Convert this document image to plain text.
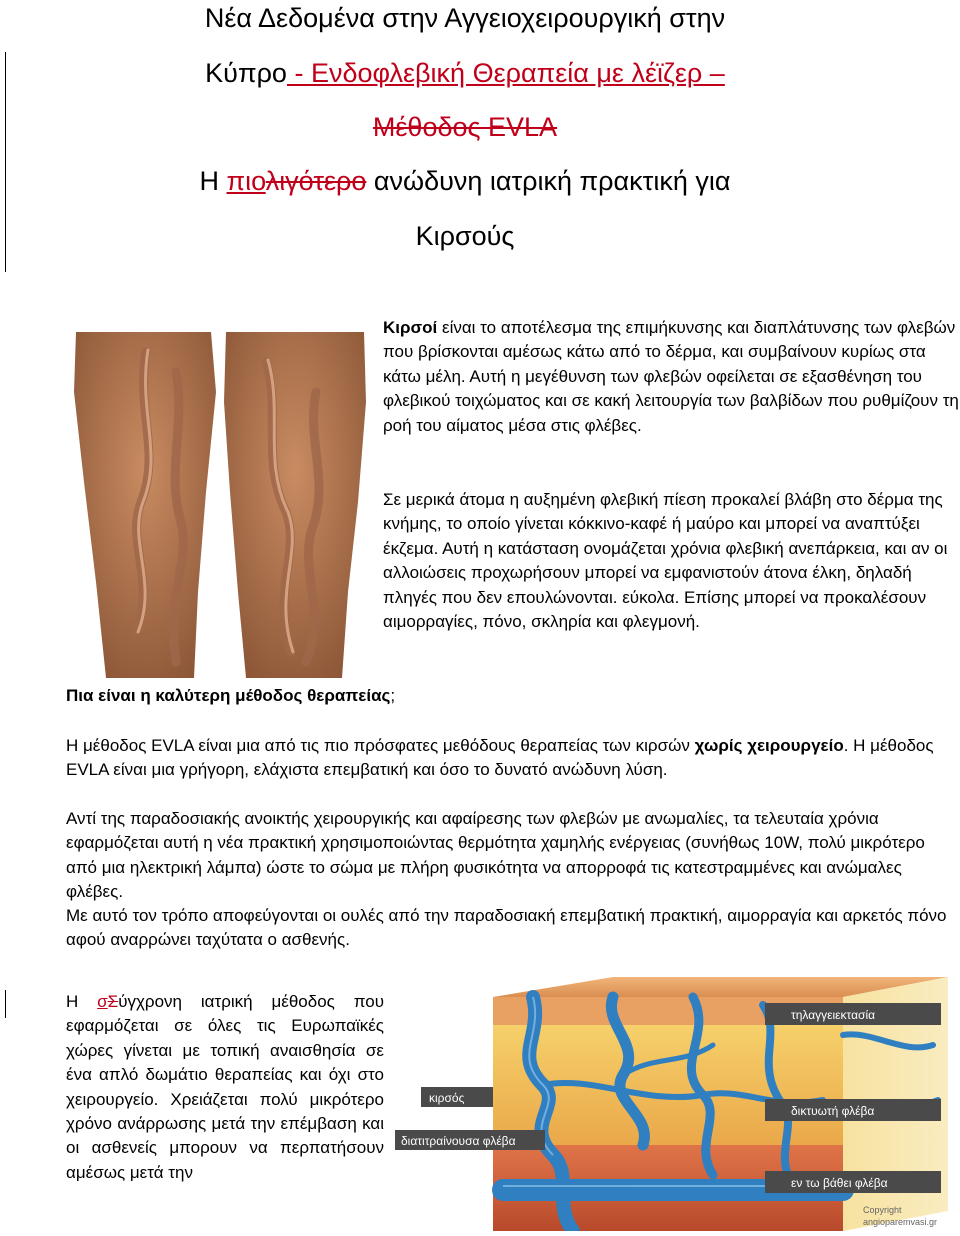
Νέα Δεδομένα στην Αγγειοχειρουργική στην
Κύπρο - Ενδοφλεβική Θεραπεία με λέϊζερ –
Μέθοδος EVLA
Η πιολιγότερο ανώδυνη ιατρική πρακτική για
Κιρσούς

Κιρσοί είναι το αποτέλεσμα της επιμήκυνσης και διαπλάτυνσης των φλεβών που βρίσκονται αμέσως κάτω από το δέρμα, και συμβαίνουν κυρίως στα κάτω μέλη. Αυτή η μεγέθυνση των φλεβών οφείλεται σε εξασθένηση του φλεβικού τοιχώματος και σε κακή λειτουργία των βαλβίδων που ρυθμίζουν τη ροή του αίματος μέσα στις φλέβες.

Σε μερικά άτομα η αυξημένη φλεβική πίεση προκαλεί βλάβη στο δέρμα της κνήμης, το οποίο γίνεται κόκκινο-καφέ ή μαύρο και μπορεί να αναπτύξει έκζεμα. Αυτή η κατάσταση ονομάζεται χρόνια φλεβική ανεπάρκεια, και αν οι αλλοιώσεις προχωρήσουν μπορεί να εμφανιστούν άτονα έλκη, δηλαδή πληγές που δεν επουλώνονται. εύκολα. Επίσης μπορεί να προκαλέσουν αιμορραγίες, πόνο, σκληρία και φλεγμονή.

Πια είναι η καλύτερη μέθοδος θεραπείας;

Η μέθοδος EVLA είναι μια από τις πιο πρόσφατες μεθόδους θεραπείας των κιρσών χωρίς χειρουργείο. Η μέθοδος EVLA είναι μια γρήγορη, ελάχιστα επεμβατική και όσο το δυνατό ανώδυνη λύση.

Αντί της παραδοσιακής ανοικτής χειρουργικής και αφαίρεσης των φλεβών με ανωμαλίες, τα τελευταία χρόνια εφαρμόζεται αυτή η νέα πρακτική χρησιμοποιώντας θερμότητα χαμηλής ενέργειας (συνήθως 10W, πολύ μικρότερο από μια ηλεκτρική λάμπα) ώστε το σώμα με πλήρη φυσικότητα να απορροφά τις κατεστραμμένες και ανώμαλες φλέβες.

Με αυτό τον τρόπο αποφεύγονται οι ουλές από την παραδοσιακή επεμβατική πρακτική, αιμορραγία και αρκετός πόνο αφού αναρρώνει ταχύτατα ο ασθενής.

Η σΣύγχρονη ιατρική μέθοδος που εφαρμόζεται σε όλες τις Ευρωπαϊκές χώρες γίνεται με τοπική αναισθησία σε ένα απλό δωμάτιο θεραπείας και όχι στο χειρουργείο. Χρειάζεται πολύ μικρότερο χρόνο ανάρρωσης μετά την επέμβαση και οι ασθενείς μπορουν να περπατήσουν αμέσως μετά την

τηλαγγειεκτασία
κιρσός
δικτυωτή φλέβα
διατιτραίνουσα φλέβα
εν τω βάθει φλέβα
Copyright
angioparemvasi.gr
